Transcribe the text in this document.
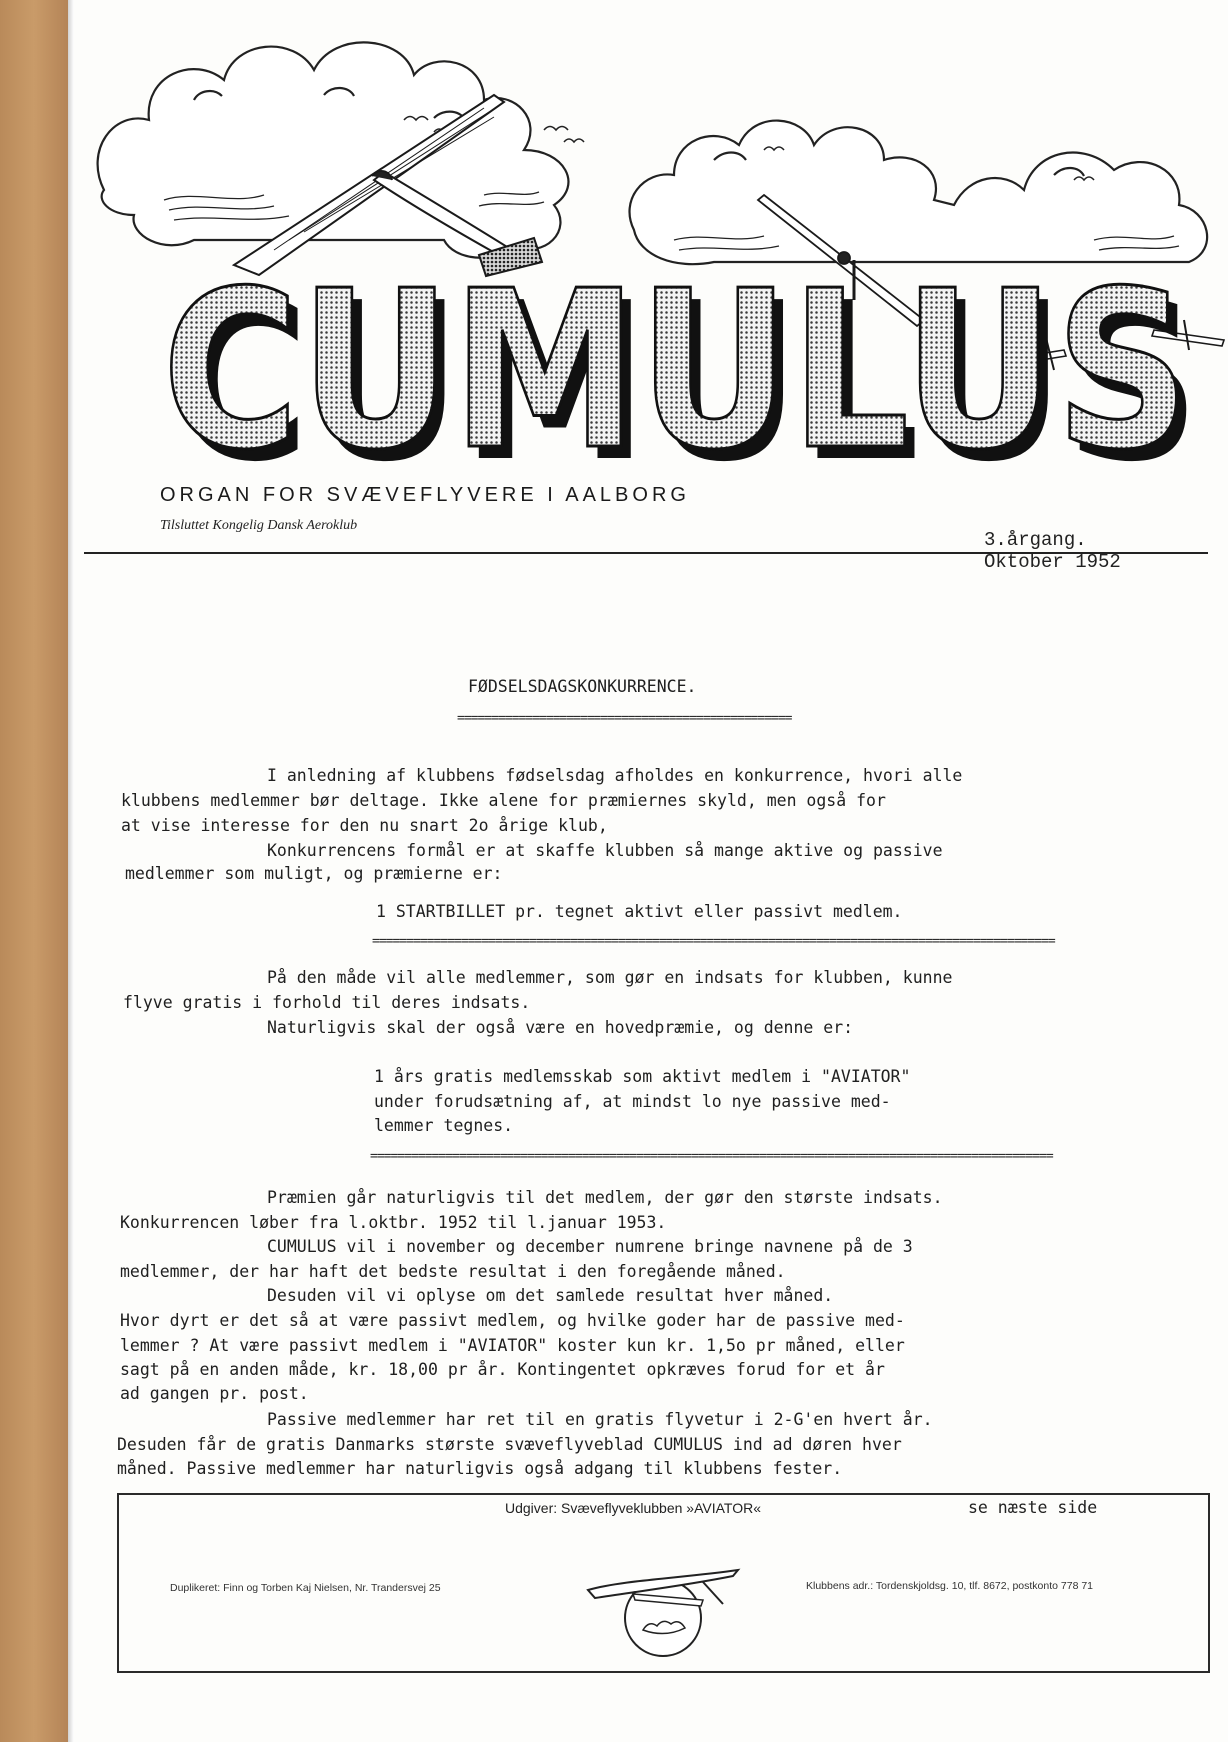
CUMULUS
CUMULUS
ORGAN FOR SVÆVEFLYVERE I AALBORG

Tilsluttet Kongelig Dansk Aeroklub

3.årgang.
Oktober 1952
FØDSELSDAGSKONKURRENCE.
=================================================
I anledning af klubbens fødselsdag afholdes en konkurrence, hvori alle
klubbens medlemmer bør deltage. Ikke alene for præmiernes skyld, men også for
at vise interesse for den nu snart 2o årige klub,
Konkurrencens formål er at skaffe klubben så mange aktive og passive
medlemmer som muligt, og præmierne er:
1 STARTBILLET pr. tegnet aktivt eller passivt medlem.
====================================================================================================
På den måde vil alle medlemmer, som gør en indsats for klubben, kunne
flyve gratis i forhold til deres indsats.
Naturligvis skal der også være en hovedpræmie, og denne er:
1 års gratis medlemsskab som aktivt medlem i "AVIATOR"
under forudsætning af, at mindst lo nye passive med-
lemmer tegnes.
====================================================================================================
Præmien går naturligvis til det medlem, der gør den største indsats.
Konkurrencen løber fra l.oktbr. 1952 til l.januar 1953.
CUMULUS vil i november og december numrene bringe navnene på de 3
medlemmer, der har haft det bedste resultat i den foregående måned.
Desuden vil vi oplyse om det samlede resultat hver måned.
Hvor dyrt er det så at være passivt medlem, og hvilke goder har de passive med-
lemmer ? At være passivt medlem i "AVIATOR" koster kun kr. 1,5o pr måned, eller
sagt på en anden måde, kr. 18,00 pr år. Kontingentet opkræves forud for et år
ad gangen pr. post.
Passive medlemmer har ret til en gratis flyvetur i 2-G'en hvert år.
Desuden får de gratis Danmarks største svæveflyveblad CUMULUS ind ad døren hver
måned. Passive medlemmer har naturligvis også adgang til klubbens fester.
Udgiver: Svæveflyveklubben »AVIATOR«	se næste side
Duplikeret: Finn og Torben Kaj Nielsen, Nr. Trandersvej 25	Klubbens adr.: Tordenskjoldsg. 10, tlf. 8672, postkonto 778 71
